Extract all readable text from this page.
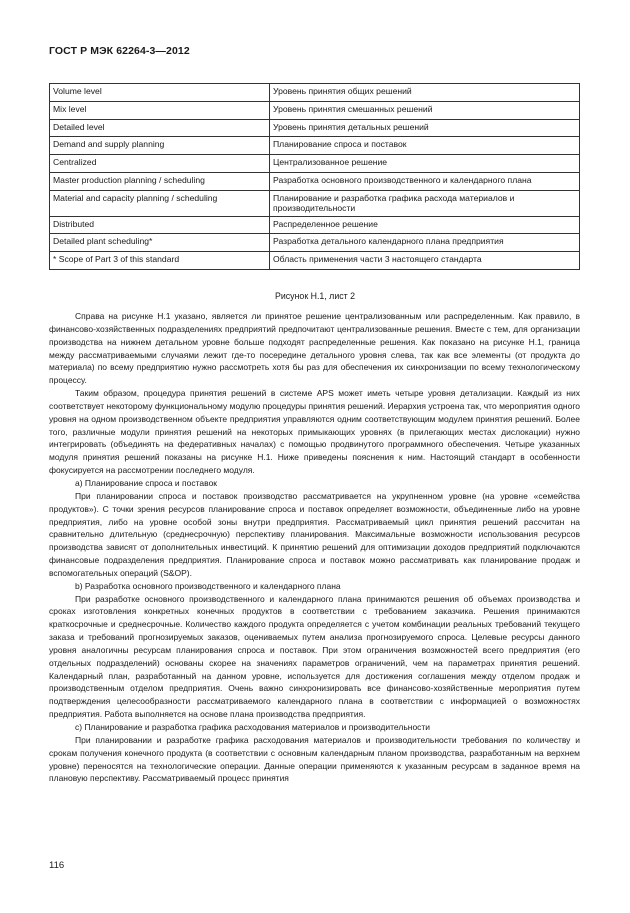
ГОСТ Р МЭК 62264-3—2012
Volume level	Уровень принятия общих решений
Mix level	Уровень принятия смешанных решений
Detailed level	Уровень принятия детальных решений
Demand and supply planning	Планирование спроса и поставок
Centralized	Централизованное решение
Master production planning / scheduling	Разработка основного производственного и календарного плана
Material and capacity planning / scheduling	Планирование и разработка графика расхода материалов и производительности
Distributed	Распределенное решение
Detailed plant scheduling*	Разработка детального календарного плана предприятия
* Scope of Part 3 of this standard	Область применения части 3 настоящего стандарта
Рисунок Н.1, лист 2

Справа на рисунке Н.1 указано, является ли принятое решение централизованным или распределенным. Как правило, в финансово-хозяйственных подразделениях предприятий предпочитают централизованные решения. Вместе с тем, для организации производства на нижнем детальном уровне больше подходят распределенные решения. Как показано на рисунке Н.1, граница между рассматриваемыми случаями лежит где-то посередине детального уровня слева, так как все элементы (от продукта до материала) по всему предприятию нужно рассмотреть хотя бы раз для обеспечения их синхронизации по всему технологическому процессу.

Таким образом, процедура принятия решений в системе APS может иметь четыре уровня детализации. Каждый из них соответствует некоторому функциональному модулю процедуры принятия решений. Иерархия устроена так, что мероприятия одного уровня на одном производственном объекте предприятия управляются одним соответствующим модулем принятия решений. Более того, различные модули принятия решений на некоторых примыкающих уровнях (в прилегающих местах дислокации) нужно интегрировать (объединять на федеративных началах) с помощью продвинутого программного обеспечения. Четыре указанных модуля принятия решений показаны на рисунке Н.1. Ниже приведены пояснения к ним. Настоящий стандарт в особенности фокусируется на рассмотрении последнего модуля.

a) Планирование спроса и поставок

При планировании спроса и поставок производство рассматривается на укрупненном уровне (на уровне «семейства продуктов»). С точки зрения ресурсов планирование спроса и поставок определяет возможности, объединенные либо на уровне предприятия, либо на уровне особой зоны внутри предприятия. Рассматриваемый цикл принятия решений рассчитан на сравнительно длительную (среднесрочную) перспективу планирования. Максимальные возможности использования ресурсов производства зависят от дополнительных инвестиций. К принятию решений для оптимизации доходов предприятий подключаются финансовые подразделения предприятия. Планирование спроса и поставок можно рассматривать как планирование продаж и вспомогательных операций (S&OP).

b) Разработка основного производственного и календарного плана

При разработке основного производственного и календарного плана принимаются решения об объемах производства и сроках изготовления конкретных конечных продуктов в соответствии с требованием заказчика. Решения принимаются краткосрочные и среднесрочные. Количество каждого продукта определяется с учетом комбинации реальных требований текущего заказа и требований прогнозируемых заказов, оцениваемых путем анализа прогнозируемого спроса. Целевые ресурсы данного уровня аналогичны ресурсам планирования спроса и поставок. При этом ограничения возможностей всего предприятия (его отдельных подразделений) основаны скорее на значениях параметров ограничений, чем на параметрах принятия решений. Календарный план, разработанный на данном уровне, используется для достижения соглашения между отделом продаж и производственным отделом предприятия. Очень важно синхронизировать все финансово-хозяйственные мероприятия путем подтверждения целесообразности рассматриваемого календарного плана в соответствии с информацией о возможностях предприятия. Работа выполняется на основе плана производства предприятия.

c) Планирование и разработка графика расходования материалов и производительности

При планировании и разработке графика расходования материалов и производительности требования по количеству и срокам получения конечного продукта (в соответствии с основным календарным планом производства, разработанным на верхнем уровне) переносятся на технологические операции. Данные операции применяются к указанным ресурсам в заданное время на плановую перспективу. Рассматриваемый процесс принятия

116
